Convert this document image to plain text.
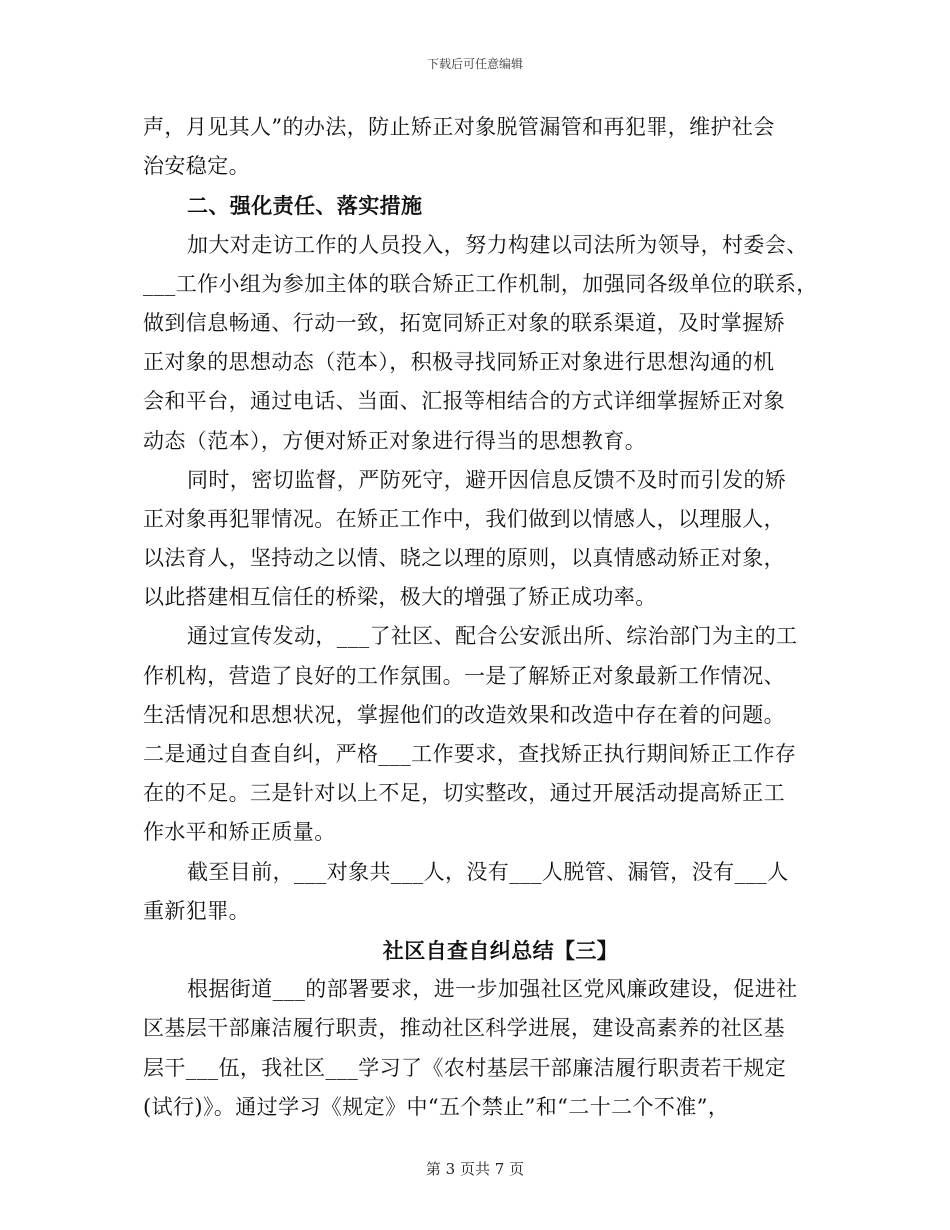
下载后可任意编辑
声，月见其人”的办法，防止矫正对象脱管漏管和再犯罪，维护社会
治安稳定。
二、强化责任、落实措施
加大对走访工作的人员投入，努力构建以司法所为领导，村委会、
___工作小组为参加主体的联合矫正工作机制，加强同各级单位的联系，
做到信息畅通、行动一致，拓宽同矫正对象的联系渠道，及时掌握矫
正对象的思想动态（范本），积极寻找同矫正对象进行思想沟通的机
会和平台，通过电话、当面、汇报等相结合的方式详细掌握矫正对象
动态（范本），方便对矫正对象进行得当的思想教育。
同时，密切监督，严防死守，避开因信息反馈不及时而引发的矫
正对象再犯罪情况。在矫正工作中，我们做到以情感人，以理服人，
以法育人，坚持动之以情、晓之以理的原则，以真情感动矫正对象，
以此搭建相互信任的桥梁，极大的增强了矫正成功率。
通过宣传发动，___了社区、配合公安派出所、综治部门为主的工
作机构，营造了良好的工作氛围。一是了解矫正对象最新工作情况、
生活情况和思想状况，掌握他们的改造效果和改造中存在着的问题。
二是通过自查自纠，严格___工作要求，查找矫正执行期间矫正工作存
在的不足。三是针对以上不足，切实整改，通过开展活动提高矫正工
作水平和矫正质量。
截至目前，___对象共___人，没有___人脱管、漏管，没有___人
重新犯罪。
社区自查自纠总结【三】
根据街道___的部署要求，进一步加强社区党风廉政建设，促进社
区基层干部廉洁履行职责，推动社区科学进展，建设高素养的社区基
层干___伍，我社区___学习了《农村基层干部廉洁履行职责若干规定
(试行)》。通过学习《规定》中“五个禁止”和“二十二个不准”，
第 3 页共 7 页
